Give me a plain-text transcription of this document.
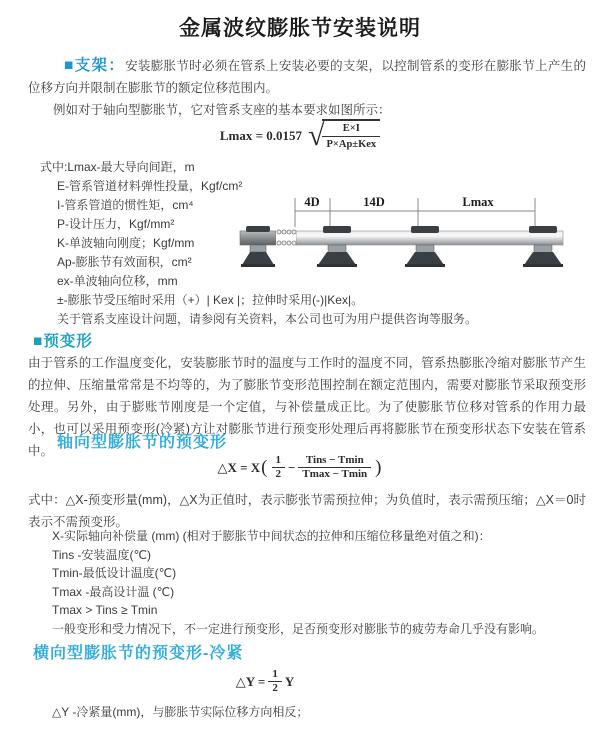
金属波纹膨胀节安装说明
■支架：安装膨胀节时必须在管系上安装必要的支架，以控制管系的变形在膨胀节上产生的位移方向并限制在膨胀节的额定位移范围内。
例如对于轴向型膨胀节，它对管系支座的基本要求如图所示：
Lmax = 0.0157 √
$\frac{E\times I}{\text{P×Ap±Kex}}$
式中:Lmax-最大导向间距，m
E-管系管道材料弹性投量，Kgf/cm²
I-管系管道的惯性矩，cm⁴
P-设计压力，Kgf/mm²
K-单波轴向刚度；Kgf/mm
Ap-膨胀节有效面积，cm²
ex-单波轴向位移，mm
±-膨胀节受压缩时采用（+）| Kex |；拉伸时采用(-)|Kex|。
关于管系支座设计问题，请参阅有关资料，本公司也可为用户提供咨询等服务。
4D	14D	Lmax
■预变形
由于管系的工作温度变化，安装膨胀节时的温度与工作时的温度不同，管系热膨胀冷缩对膨胀节产生的拉伸、压缩量常常是不均等的，为了膨胀节变形范围控制在额定范围内，需要对膨胀节采取预变形处理。另外，由于膨账节刚度是一个定值，与补偿量成正比。为了使膨胀节位移对管系的作用力最小，也可以采用预变形(冷紧)方让对膨胀节进行预变形处理后再将膨胀节在预变形状态下安装在管系中。 轴向型膨胀节的预变形
△X = X ( $\frac{1}{2} - \frac{\text{Tins − Tmin}}{Tmax - Tmin}$ )
式中：△X-预变形量(mm)，△X为正值时，表示膨张节需预拉伸；为负值时，表示需预压缩；△X＝0时表示不需预变形。
X-实际轴向补偿量 (mm) (相对于膨胀节中间状态的拉伸和压缩位移量绝对值之和)：
Tins -安装温度(℃)
Tmin-最低设计温度(℃)
Tmax -最高设计温 (℃)
Tmax > Tins ≥ Tmin
一般变形和受力情况下，不一定进行预变形，足否预变形对膨胀节的疲劳寿命几乎没有影响。
横向型膨胀节的预变形-冷紧
△Y = $\frac{1}{2}$ Y
△Y -冷紧量(mm)，与膨胀节实际位移方向相反；
